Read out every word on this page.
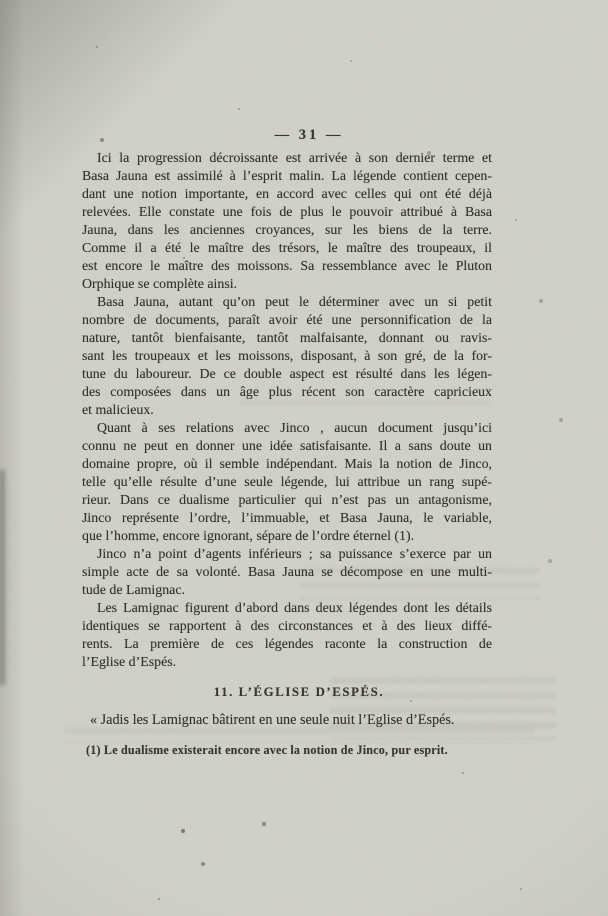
— 31 —
Ici la progression décroissante est arrivée à son dernier terme et
Basa Jauna est assimilé à l’esprit malin. La légende contient cepen-
dant une notion importante, en accord avec celles qui ont été déjà
relevées. Elle constate une fois de plus le pouvoir attribué à Basa
Jauna, dans les anciennes croyances, sur les biens de la terre.
Comme il a été le maître des trésors, le maître des troupeaux, il
est encore le maître des moissons. Sa ressemblance avec le Pluton
Orphique se complète ainsi.
Basa Jauna, autant qu’on peut le déterminer avec un si petit
nombre de documents, paraît avoir été une personnification de la
nature, tantôt bienfaisante, tantôt malfaisante, donnant ou ravis-
sant les troupeaux et les moissons, disposant, à son gré, de la for-
tune du laboureur. De ce double aspect est résulté dans les légen-
des composées dans un âge plus récent son caractère capricieux
et malicieux.
Quant à ses relations avec Jinco , aucun document jusqu’ici
connu ne peut en donner une idée satisfaisante. Il a sans doute un
domaine propre, où il semble indépendant. Mais la notion de Jinco,
telle qu’elle résulte d’une seule légende, lui attribue un rang supé-
rieur. Dans ce dualisme particulier qui n’est pas un antagonisme,
Jinco représente l’ordre, l’immuable, et Basa Jauna, le variable,
que l’homme, encore ignorant, sépare de l’ordre éternel (1).
Jinco n’a point d’agents inférieurs ; sa puissance s’exerce par un
simple acte de sa volonté. Basa Jauna se décompose en une multi-
tude de Lamignac.
Les Lamignac figurent d’abord dans deux légendes dont les détails
identiques se rapportent à des circonstances et à des lieux diffé-
rents. La première de ces légendes raconte la construction de
l’Eglise d’Espés.
11. L’ÉGLISE D’ESPÉS.
« Jadis les Lamignac bâtirent en une seule nuit l’Eglise d’Espés.
(1) Le dualisme existerait encore avec la notion de Jinco, pur esprit.
